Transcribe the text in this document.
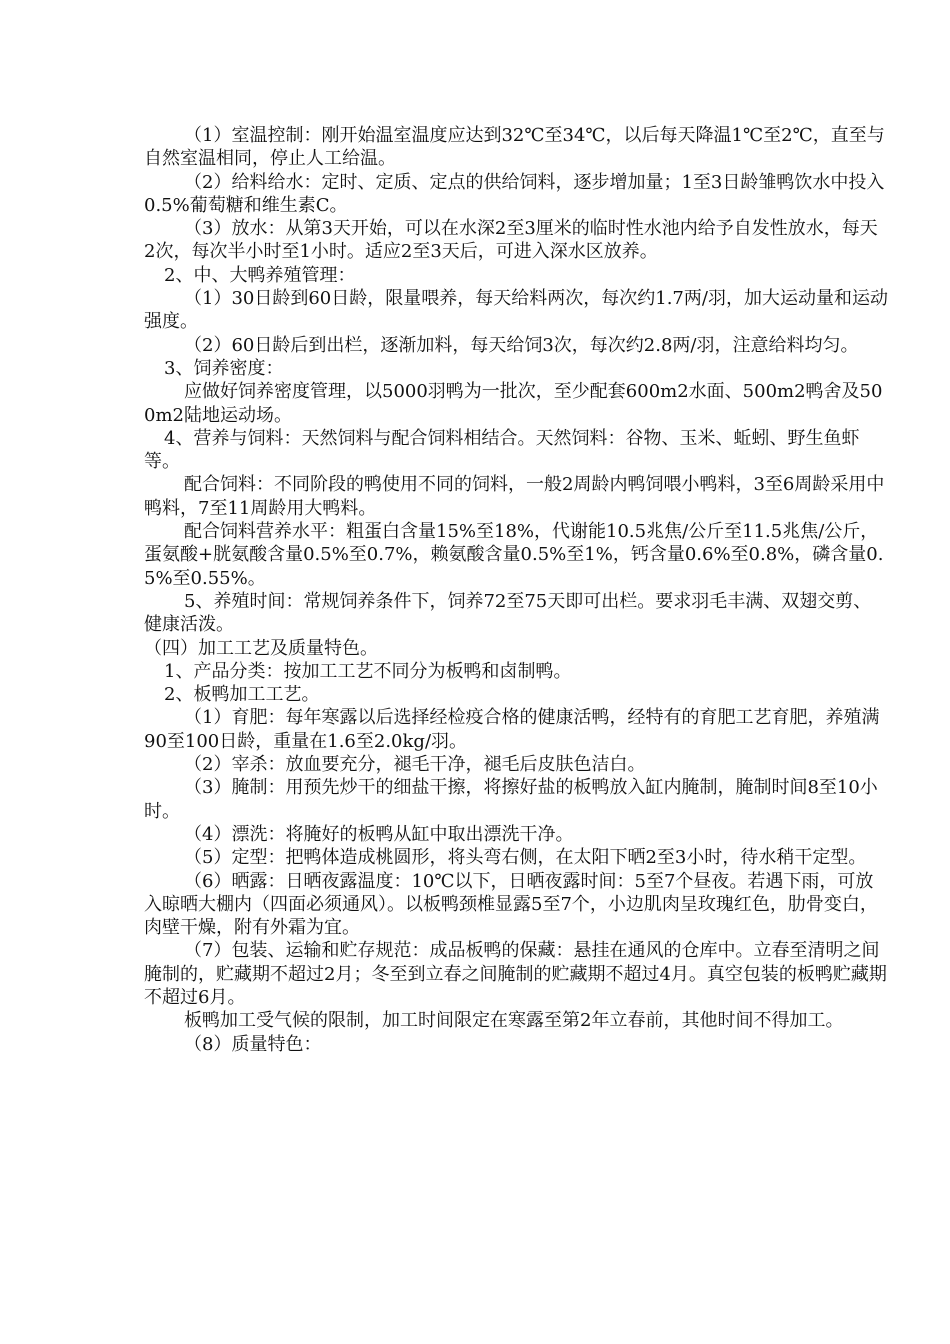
（1）室温控制：刚开始温室温度应达到32℃至34℃，以后每天降温1℃至2℃，直至与自然室温相同，停止人工给温。

（2）给料给水：定时、定质、定点的供给饲料，逐步增加量；1至3日龄雏鸭饮水中投入0.5%葡萄糖和维生素C。

（3）放水：从第3天开始，可以在水深2至3厘米的临时性水池内给予自发性放水，每天2次，每次半小时至1小时。适应2至3天后，可进入深水区放养。

2、中、大鸭养殖管理：

（1）30日龄到60日龄，限量喂养，每天给料两次，每次约1.7两/羽，加大运动量和运动强度。

（2）60日龄后到出栏，逐渐加料，每天给饲3次，每次约2.8两/羽，注意给料均匀。

3、饲养密度：

应做好饲养密度管理，以5000羽鸭为一批次，至少配套600m2水面、500m2鸭舍及500m2陆地运动场。

4、营养与饲料：天然饲料与配合饲料相结合。天然饲料：谷物、玉米、蚯蚓、野生鱼虾等。

配合饲料：不同阶段的鸭使用不同的饲料，一般2周龄内鸭饲喂小鸭料，3至6周龄采用中鸭料，7至11周龄用大鸭料。

配合饲料营养水平：粗蛋白含量15%至18%，代谢能10.5兆焦/公斤至11.5兆焦/公斤，蛋氨酸+胱氨酸含量0.5%至0.7%，赖氨酸含量0.5%至1%，钙含量0.6%至0.8%，磷含量0.5%至0.55%。

5、养殖时间：常规饲养条件下，饲养72至75天即可出栏。要求羽毛丰满、双翅交剪、健康活泼。

（四）加工工艺及质量特色。

1、产品分类：按加工工艺不同分为板鸭和卤制鸭。

2、板鸭加工工艺。

（1）育肥：每年寒露以后选择经检疫合格的健康活鸭，经特有的育肥工艺育肥，养殖满90至100日龄，重量在1.6至2.0kg/羽。

（2）宰杀：放血要充分，褪毛干净，褪毛后皮肤色洁白。

（3）腌制：用预先炒干的细盐干擦，将擦好盐的板鸭放入缸内腌制，腌制时间8至10小时。

（4）漂洗：将腌好的板鸭从缸中取出漂洗干净。

（5）定型：把鸭体造成桃圆形，将头弯右侧，在太阳下晒2至3小时，待水稍干定型。

（6）晒露：日晒夜露温度：10℃以下，日晒夜露时间：5至7个昼夜。若遇下雨，可放入晾晒大棚内（四面必须通风）。以板鸭颈椎显露5至7个，小边肌肉呈玫瑰红色，肋骨变白，肉壁干燥，附有外霜为宜。

（7）包装、运输和贮存规范：成品板鸭的保藏：悬挂在通风的仓库中。立春至清明之间腌制的，贮藏期不超过2月；冬至到立春之间腌制的贮藏期不超过4月。真空包装的板鸭贮藏期不超过6月。

板鸭加工受气候的限制，加工时间限定在寒露至第2年立春前，其他时间不得加工。

（8）质量特色：
